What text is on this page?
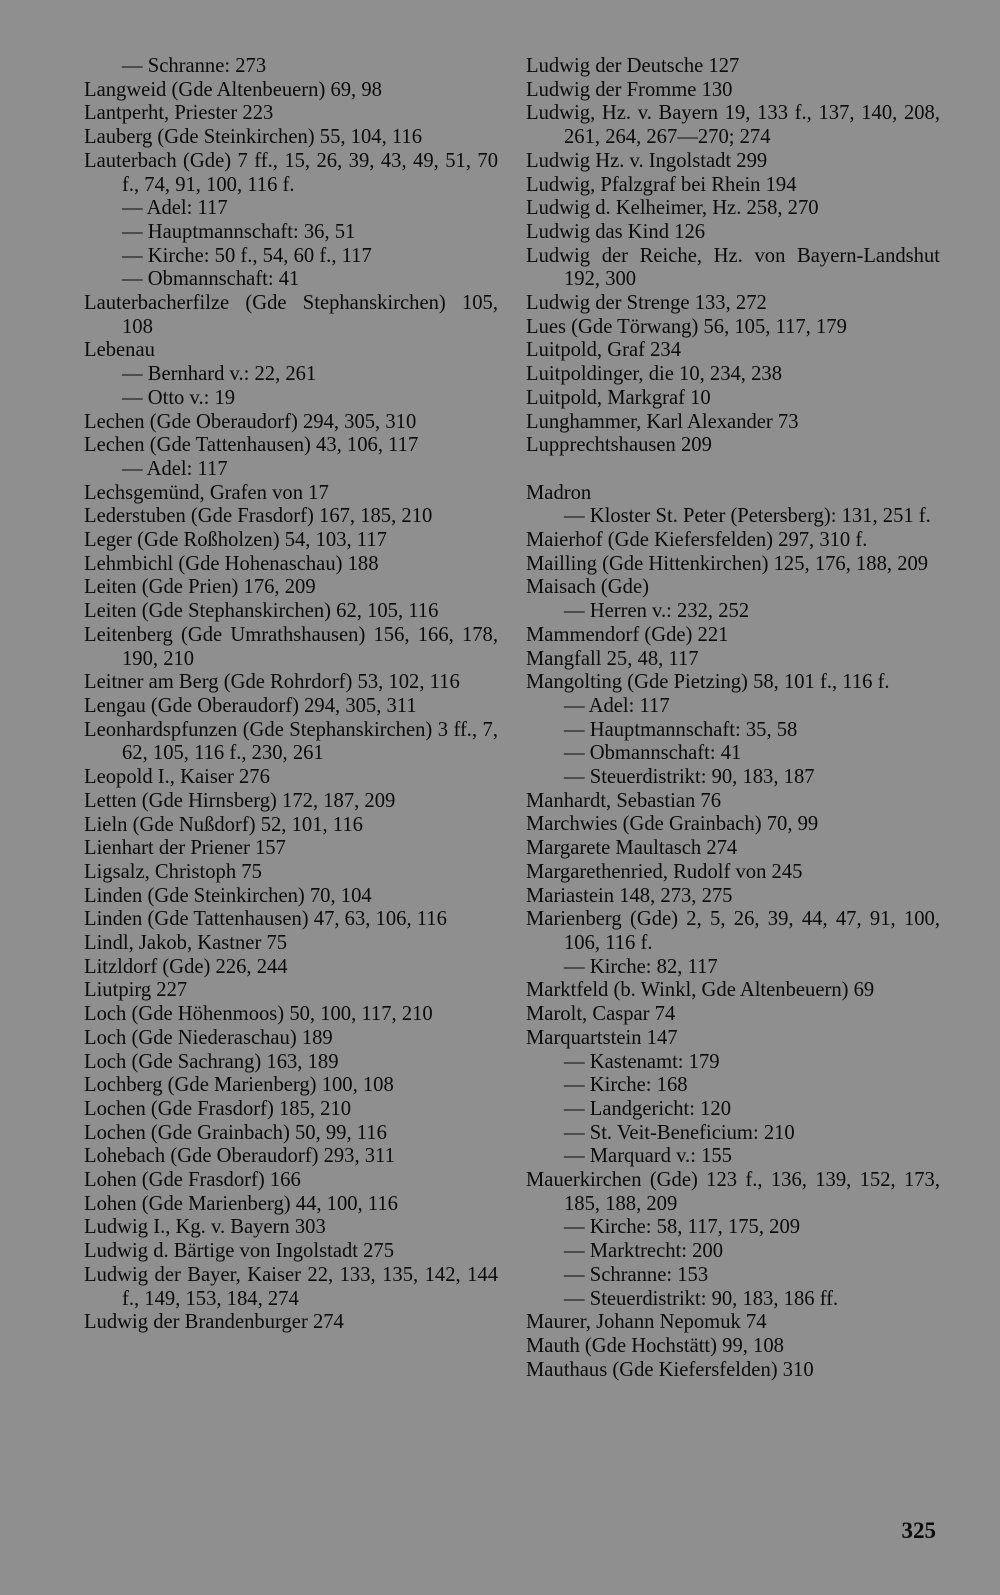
— Schranne: 273

Langweid (Gde Altenbeuern) 69, 98

Lantperht, Priester 223

Lauberg (Gde Steinkirchen) 55, 104, 116

Lauterbach (Gde) 7 ff., 15, 26, 39, 43, 49, 51, 70 f., 74, 91, 100, 116 f.

— Adel: 117

— Hauptmannschaft: 36, 51

— Kirche: 50 f., 54, 60 f., 117

— Obmannschaft: 41

Lauterbacherfilze (Gde Stephanskirchen) 105, 108

Lebenau

— Bernhard v.: 22, 261

— Otto v.: 19

Lechen (Gde Oberaudorf) 294, 305, 310

Lechen (Gde Tattenhausen) 43, 106, 117

— Adel: 117

Lechsgemünd, Grafen von 17

Lederstuben (Gde Frasdorf) 167, 185, 210

Leger (Gde Roßholzen) 54, 103, 117

Lehmbichl (Gde Hohenaschau) 188

Leiten (Gde Prien) 176, 209

Leiten (Gde Stephanskirchen) 62, 105, 116

Leitenberg (Gde Umrathshausen) 156, 166, 178, 190, 210

Leitner am Berg (Gde Rohrdorf) 53, 102, 116

Lengau (Gde Oberaudorf) 294, 305, 311

Leonhardspfunzen (Gde Stephanskirchen) 3 ff., 7, 62, 105, 116 f., 230, 261

Leopold I., Kaiser 276

Letten (Gde Hirnsberg) 172, 187, 209

Lieln (Gde Nußdorf) 52, 101, 116

Lienhart der Priener 157

Ligsalz, Christoph 75

Linden (Gde Steinkirchen) 70, 104

Linden (Gde Tattenhausen) 47, 63, 106, 116

Lindl, Jakob, Kastner 75

Litzldorf (Gde) 226, 244

Liutpirg 227

Loch (Gde Höhenmoos) 50, 100, 117, 210

Loch (Gde Niederaschau) 189

Loch (Gde Sachrang) 163, 189

Lochberg (Gde Marienberg) 100, 108

Lochen (Gde Frasdorf) 185, 210

Lochen (Gde Grainbach) 50, 99, 116

Lohebach (Gde Oberaudorf) 293, 311

Lohen (Gde Frasdorf) 166

Lohen (Gde Marienberg) 44, 100, 116

Ludwig I., Kg. v. Bayern 303

Ludwig d. Bärtige von Ingolstadt 275

Ludwig der Bayer, Kaiser 22, 133, 135, 142, 144 f., 149, 153, 184, 274

Ludwig der Brandenburger 274

Ludwig der Deutsche 127

Ludwig der Fromme 130

Ludwig, Hz. v. Bayern 19, 133 f., 137, 140, 208, 261, 264, 267—270; 274

Ludwig Hz. v. Ingolstadt 299

Ludwig, Pfalzgraf bei Rhein 194

Ludwig d. Kelheimer, Hz. 258, 270

Ludwig das Kind 126

Ludwig der Reiche, Hz. von Bayern-Landshut 192, 300

Ludwig der Strenge 133, 272

Lues (Gde Törwang) 56, 105, 117, 179

Luitpold, Graf 234

Luitpoldinger, die 10, 234, 238

Luitpold, Markgraf 10

Lunghammer, Karl Alexander 73

Lupprechtshausen 209

Madron

— Kloster St. Peter (Petersberg): 131, 251 f.

Maierhof (Gde Kiefersfelden) 297, 310 f.

Mailling (Gde Hittenkirchen) 125, 176, 188, 209

Maisach (Gde)

— Herren v.: 232, 252

Mammendorf (Gde) 221

Mangfall 25, 48, 117

Mangolting (Gde Pietzing) 58, 101 f., 116 f.

— Adel: 117

— Hauptmannschaft: 35, 58

— Obmannschaft: 41

— Steuerdistrikt: 90, 183, 187

Manhardt, Sebastian 76

Marchwies (Gde Grainbach) 70, 99

Margarete Maultasch 274

Margarethenried, Rudolf von 245

Mariastein 148, 273, 275

Marienberg (Gde) 2, 5, 26, 39, 44, 47, 91, 100, 106, 116 f.

— Kirche: 82, 117

Marktfeld (b. Winkl, Gde Altenbeuern) 69

Marolt, Caspar 74

Marquartstein 147

— Kastenamt: 179

— Kirche: 168

— Landgericht: 120

— St. Veit-Beneficium: 210

— Marquard v.: 155

Mauerkirchen (Gde) 123 f., 136, 139, 152, 173, 185, 188, 209

— Kirche: 58, 117, 175, 209

— Marktrecht: 200

— Schranne: 153

— Steuerdistrikt: 90, 183, 186 ff.

Maurer, Johann Nepomuk 74

Mauth (Gde Hochstätt) 99, 108

Mauthaus (Gde Kiefersfelden) 310

325
